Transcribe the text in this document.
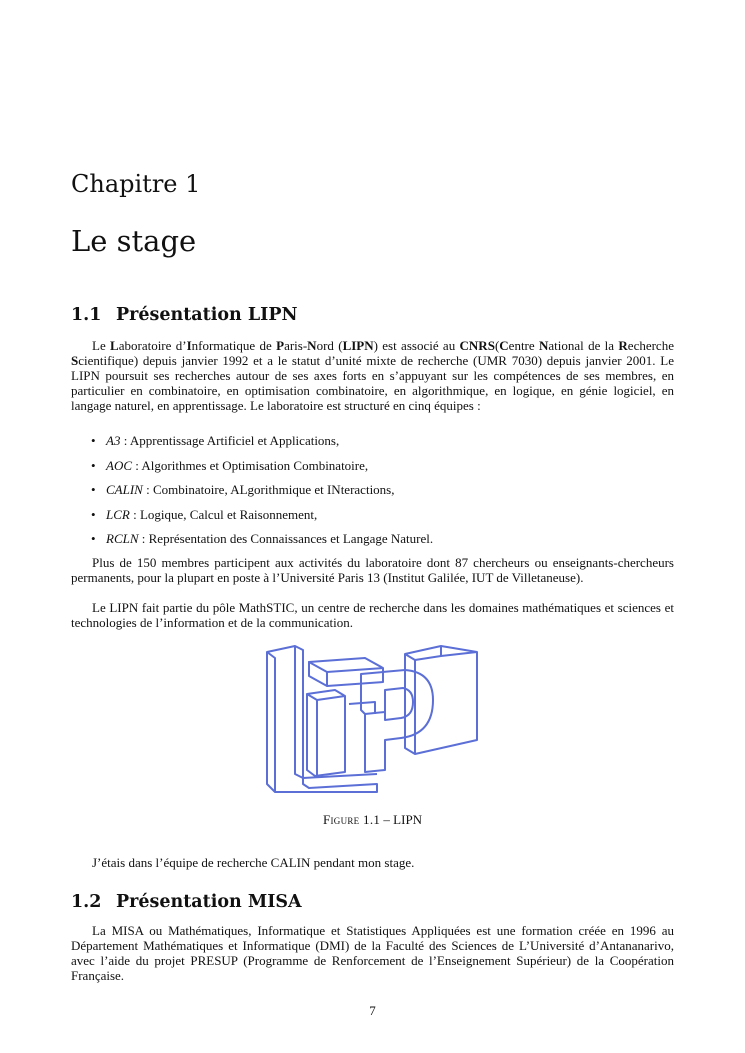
Chapitre 1
Le stage
1.1 Présentation LIPN
Le Laboratoire d’Informatique de Paris-Nord (LIPN) est associé au CNRS(Centre National de la Recherche Scientifique) depuis janvier 1992 et a le statut d’unité mixte de recherche (UMR 7030) depuis janvier 2001. Le LIPN poursuit ses recherches autour de ses axes forts en s’appuyant sur les compétences de ses membres, en particulier en combinatoire, en optimisation combinatoire, en algorithmique, en logique, en génie logiciel, en langage naturel, en apprentissage. Le laboratoire est structuré en cinq équipes :
• A3 : Apprentissage Artificiel et Applications,
• AOC : Algorithmes et Optimisation Combinatoire,
• CALIN : Combinatoire, ALgorithmique et INteractions,
• LCR : Logique, Calcul et Raisonnement,
• RCLN : Représentation des Connaissances et Langage Naturel.
Plus de 150 membres participent aux activités du laboratoire dont 87 chercheurs ou enseignants-chercheurs permanents, pour la plupart en poste à l’Université Paris 13 (Institut Galilée, IUT de Villetaneuse).
Le LIPN fait partie du pôle MathSTIC, un centre de recherche dans les domaines mathématiques et sciences et technologies de l’information et de la communication.
Figure 1.1 – LIPN
J’étais dans l’équipe de recherche CALIN pendant mon stage.
1.2 Présentation MISA
La MISA ou Mathématiques, Informatique et Statistiques Appliquées est une formation créée en 1996 au Département Mathématiques et Informatique (DMI) de la Faculté des Sciences de L’Université d’Antananarivo, avec l’aide du projet PRESUP (Programme de Renforcement de l’Enseignement Supérieur) de la Coopération Française.
7
